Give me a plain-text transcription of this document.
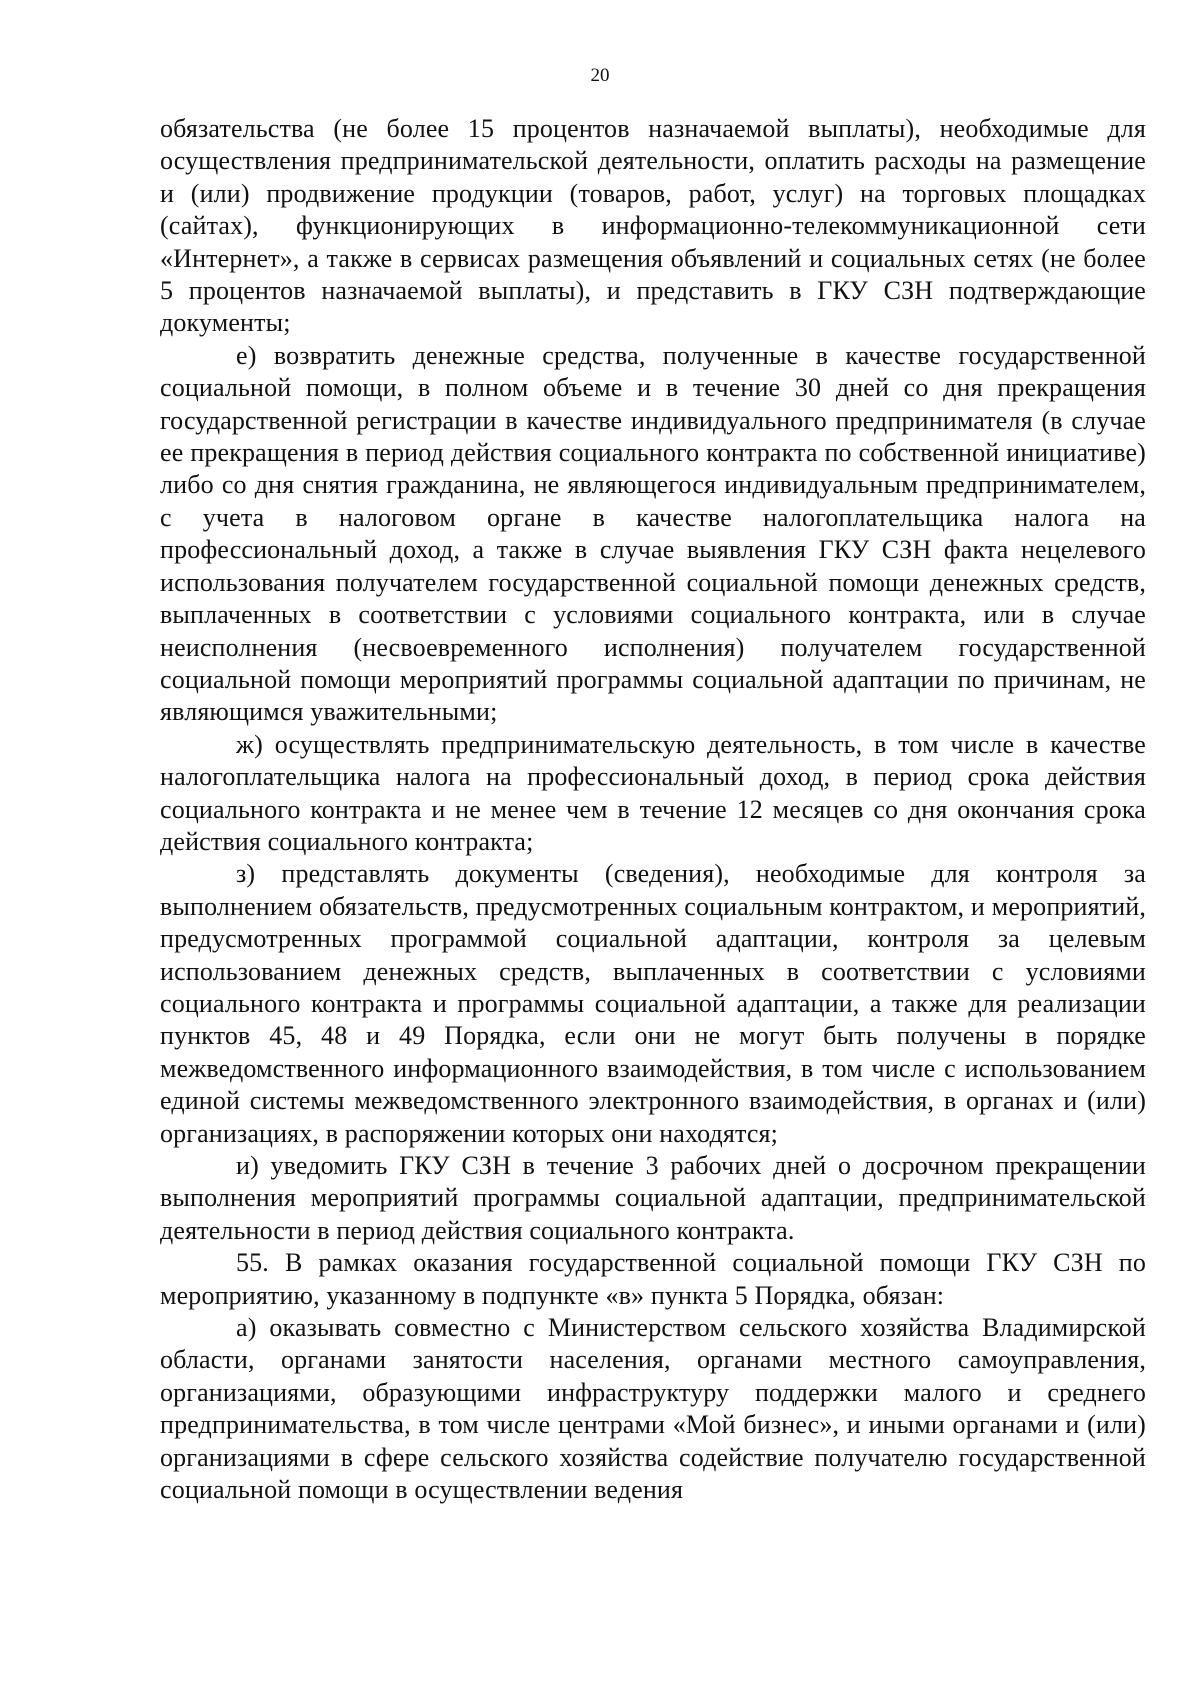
20

обязательства (не более 15 процентов назначаемой выплаты), необходимые для осуществления предпринимательской деятельности, оплатить расходы на размещение и (или) продвижение продукции (товаров, работ, услуг) на торговых площадках (сайтах), функционирующих в информационно-телекоммуникационной сети «Интернет», а также в сервисах размещения объявлений и социальных сетях (не более 5 процентов назначаемой выплаты), и представить в ГКУ СЗН подтверждающие документы;

е) возвратить денежные средства, полученные в качестве государственной социальной помощи, в полном объеме и в течение 30 дней со дня прекращения государственной регистрации в качестве индивидуального предпринимателя (в случае ее прекращения в период действия социального контракта по собственной инициативе) либо со дня снятия гражданина, не являющегося индивидуальным предпринимателем, с учета в налоговом органе в качестве налогоплательщика налога на профессиональный доход, а также в случае выявления ГКУ СЗН факта нецелевого использования получателем государственной социальной помощи денежных средств, выплаченных в соответствии с условиями социального контракта, или в случае неисполнения (несвоевременного исполнения) получателем государственной социальной помощи мероприятий программы социальной адаптации по причинам, не являющимся уважительными;

ж) осуществлять предпринимательскую деятельность, в том числе в качестве налогоплательщика налога на профессиональный доход, в период срока действия социального контракта и не менее чем в течение 12 месяцев со дня окончания срока действия социального контракта;

з) представлять документы (сведения), необходимые для контроля за выполнением обязательств, предусмотренных социальным контрактом, и мероприятий, предусмотренных программой социальной адаптации, контроля за целевым использованием денежных средств, выплаченных в соответствии с условиями социального контракта и программы социальной адаптации, а также для реализации пунктов 45, 48 и 49 Порядка, если они не могут быть получены в порядке межведомственного информационного взаимодействия, в том числе с использованием единой системы межведомственного электронного взаимодействия, в органах и (или) организациях, в распоряжении которых они находятся;

и) уведомить ГКУ СЗН в течение 3 рабочих дней о досрочном прекращении выполнения мероприятий программы социальной адаптации, предпринимательской деятельности в период действия социального контракта.

55. В рамках оказания государственной социальной помощи ГКУ СЗН по мероприятию, указанному в подпункте «в» пункта 5 Порядка, обязан:

а) оказывать совместно с Министерством сельского хозяйства Владимирской области, органами занятости населения, органами местного самоуправления, организациями, образующими инфраструктуру поддержки малого и среднего предпринимательства, в том числе центрами «Мой бизнес», и иными органами и (или) организациями в сфере сельского хозяйства содействие получателю государственной социальной помощи в осуществлении ведения
